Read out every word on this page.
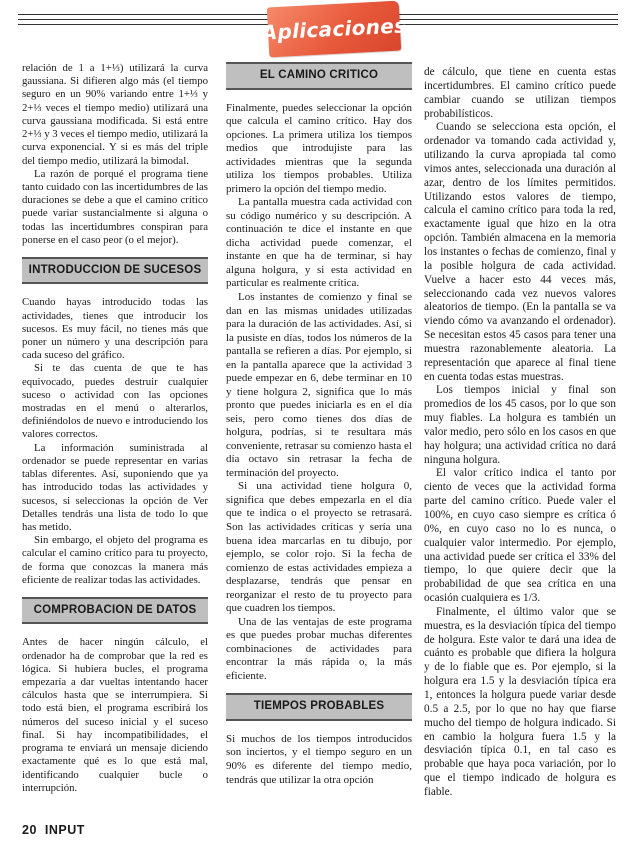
Aplicaciones

relación de 1 a 1+⅓) utilizará la curva gaussiana. Si difieren algo más (el tiempo seguro en un 90% variando entre 1+⅓ y 2+⅓ veces el tiempo medio) utilizará una curva gaussiana modificada. Si está entre 2+⅓ y 3 veces el tiempo medio, utilizará la curva exponencial. Y si es más del triple del tiempo medio, utilizará la bimodal.

La razón de porqué el programa tiene tanto cuidado con las incertidumbres de las duraciones se debe a que el camino crítico puede variar sustancialmente si alguna o todas las incertidumbres conspiran para ponerse en el caso peor (o el mejor).

INTRODUCCION DE SUCESOS

Cuando hayas introducido todas las actividades, tienes que introducir los sucesos. Es muy fácil, no tienes más que poner un número y una descripción para cada suceso del gráfico.

Si te das cuenta de que te has equivocado, puedes destruir cualquier suceso o actividad con las opciones mostradas en el menú o alterarlos, definiéndolos de nuevo e introduciendo los valores correctos.

La información suministrada al ordenador se puede representar en varias tablas diferentes. Así, suponiendo que ya has introducido todas las actividades y sucesos, si seleccionas la opción de Ver Detalles tendrás una lista de todo lo que has metido.

Sin embargo, el objeto del programa es calcular el camino crítico para tu proyecto, de forma que conozcas la manera más eficiente de realizar todas las actividades.

COMPROBACION DE DATOS

Antes de hacer ningún cálculo, el ordenador ha de comprobar que la red es lógica. Si hubiera bucles, el programa empezaría a dar vueltas intentando hacer cálculos hasta que se interrumpiera. Si todo está bien, el programa escribirá los números del suceso inicial y el suceso final. Si hay incompatibilidades, el programa te enviará un mensaje diciendo exactamente qué es lo que está mal, identificando cualquier bucle o interrupción.

EL CAMINO CRITICO

Finalmente, puedes seleccionar la opción que calcula el camino crítico. Hay dos opciones. La primera utiliza los tiempos medios que introdujiste para las actividades mientras que la segunda utiliza los tiempos probables. Utiliza primero la opción del tiempo medio.

La pantalla muestra cada actividad con su código numérico y su descripción. A continuación te dice el instante en que dicha actividad puede comenzar, el instante en que ha de terminar, si hay alguna holgura, y si esta actividad en particular es realmente crítica.

Los instantes de comienzo y final se dan en las mismas unidades utilizadas para la duración de las actividades. Así, si la pusiste en días, todos los números de la pantalla se refieren a días. Por ejemplo, si en la pantalla aparece que la actividad 3 puede empezar en 6, debe terminar en 10 y tiene holgura 2, significa que lo más pronto que puedes iniciarla es en el día seis, pero como tienes dos días de holgura, podrías, si te resultara más conveniente, retrasar su comienzo hasta el día octavo sin retrasar la fecha de terminación del proyecto.

Si una actividad tiene holgura 0, significa que debes empezarla en el día que te indica o el proyecto se retrasará. Son las actividades críticas y sería una buena idea marcarlas en tu dibujo, por ejemplo, se color rojo. Si la fecha de comienzo de estas actividades empieza a desplazarse, tendrás que pensar en reorganizar el resto de tu proyecto para que cuadren los tiempos.

Una de las ventajas de este programa es que puedes probar muchas diferentes combinaciones de actividades para encontrar la más rápida o, la más eficiente.

TIEMPOS PROBABLES

Si muchos de los tiempos introducidos son inciertos, y el tiempo seguro en un 90% es diferente del tiempo medio, tendrás que utilizar la otra opción

de cálculo, que tiene en cuenta estas incertidumbres. El camino crítico puede cambiar cuando se utilizan tiempos probabilísticos.

Cuando se selecciona esta opción, el ordenador va tomando cada actividad y, utilizando la curva apropiada tal como vimos antes, seleccionada una duración al azar, dentro de los límites permitidos. Utilizando estos valores de tiempo, calcula el camino crítico para toda la red, exactamente igual que hizo en la otra opción. También almacena en la memoria los instantes o fechas de comienzo, final y la posible holgura de cada actividad. Vuelve a hacer esto 44 veces más, seleccionando cada vez nuevos valores aleatorios de tiempo. (En la pantalla se va viendo cómo va avanzando el ordenador). Se necesitan estos 45 casos para tener una muestra razonablemente aleatoria. La representación que aparece al final tiene en cuenta todas estas muestras.

Los tiempos inicial y final son promedios de los 45 casos, por lo que son muy fiables. La holgura es también un valor medio, pero sólo en los casos en que hay holgura; una actividad crítica no dará ninguna holgura.

El valor crítico indica el tanto por ciento de veces que la actividad forma parte del camino crítico. Puede valer el 100%, en cuyo caso siempre es crítica ó 0%, en cuyo caso no lo es nunca, o cualquier valor intermedio. Por ejemplo, una actividad puede ser crítica el 33% del tiempo, lo que quiere decir que la probabilidad de que sea crítica en una ocasión cualquiera es 1/3.

Finalmente, el último valor que se muestra, es la desviación típica del tiempo de holgura. Este valor te dará una idea de cuánto es probable que difiera la holgura y de lo fiable que es. Por ejemplo, si la holgura era 1.5 y la desviación típica era 1, entonces la holgura puede variar desde 0.5 a 2.5, por lo que no hay que fiarse mucho del tiempo de holgura indicado. Si en cambio la holgura fuera 1.5 y la desviación típica 0.1, en tal caso es probable que haya poca variación, por lo que el tiempo indicado de holgura es fiable.

20 INPUT
